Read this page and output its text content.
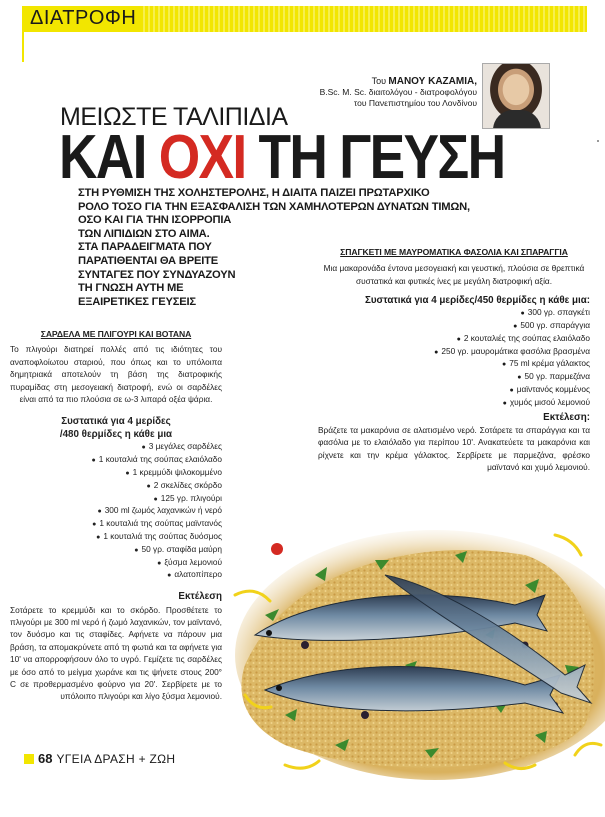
ΔΙΑΤΡΟΦΗ
Του ΜΑΝΟΥ ΚΑΖΑΜΙΑ,
B.Sc. M. Sc. διαιτολόγου - διατροφολόγου
του Πανεπιστημίου του Λονδίνου
ΜΕΙΩΣΤΕ ΤΑΛΙΠΙΔΙΑ
ΚΑΙ ΟΧΙ ΤΗ ΓΕΥΣΗ
ΣΤΗ ΡΥΘΜΙΣΗ ΤΗΣ ΧΟΛΗΣΤΕΡΟΛΗΣ, Η ΔΙΑΙΤΑ ΠΑΙΖΕΙ ΠΡΩΤΑΡΧΙΚΟ
ΡΟΛΟ ΤΟΣΟ ΓΙΑ ΤΗΝ ΕΞΑΣΦΑΛΙΣΗ ΤΩΝ ΧΑΜΗΛΟΤΕΡΩΝ ΔΥΝΑΤΩΝ ΤΙΜΩΝ,
ΟΣΟ ΚΑΙ ΓΙΑ ΤΗΝ ΙΣΟΡΡΟΠΙΑ
ΤΩΝ ΛΙΠΙΔΙΩΝ ΣΤΟ ΑΙΜΑ.
ΣΤΑ ΠΑΡΑΔΕΙΓΜΑΤΑ ΠΟΥ
ΠΑΡΑΤΙΘΕΝΤΑΙ ΘΑ ΒΡΕΙΤΕ
ΣΥΝΤΑΓΕΣ ΠΟΥ ΣΥΝΔΥΑΖΟΥΝ
ΤΗ ΓΝΩΣΗ ΑΥΤΗ ΜΕ
ΕΞΑΙΡΕΤΙΚΕΣ ΓΕΥΣΕΙΣ
ΣΑΡΔΕΛΑ ΜΕ ΠΛΙΓΟΥΡΙ ΚΑΙ ΒΟΤΑΝΑ

Το πλιγούρι διατηρεί πολλές από τις ιδιότητες του αναποφλοίωτου σταριού, που όπως και το υπόλοιπα δημητριακά αποτελούν τη βάση της διατροφικής πυραμίδας στη μεσογειακή διατροφή, ενώ οι σαρδέλες είναι από τα πιο πλούσια σε ω-3 λιπαρά οξέα ψάρια.

Συστατικά για 4 μερίδες
/480 θερμίδες η κάθε μια
● 3 μεγάλες σαρδέλες
● 1 κουταλιά της σούπας ελαιόλαδο
● 1 κρεμμύδι ψιλοκομμένο
● 2 σκελίδες σκόρδο
● 125 γρ. πλιγούρι
● 300 ml ζωμός λαχανικών ή νερό
● 1 κουταλιά της σούπας μαϊντανός
● 1 κουταλιά της σούπας δυόσμος
● 50 γρ. σταφίδα μαύρη
● ξύσμα λεμονιού
● αλατοπίπερο
Εκτέλεση

Σοτάρετε το κρεμμύδι και το σκόρδο. Προσθέτετε το πλιγούρι με 300 ml νερό ή ζωμό λαχανικών, τον μαϊντανό, τον δυόσμο και τις σταφίδες. Αφήνετε να πάρουν μια βράση, τα απομακρύνετε από τη φωτιά και τα αφήνετε για 10' να απορροφήσουν όλο το υγρό. Γεμίζετε τις σαρδέλες με όσο από το μείγμα χωράνε και τις ψήνετε στους 200° C σε προθερμασμένο φούρνο για 20'. Σερβίρετε με το υπόλοιπο πλιγούρι και λίγο ξύσμα λεμονιού.

ΣΠΑΓΚΕΤΙ ΜΕ ΜΑΥΡΟΜΑΤΙΚΑ ΦΑΣΟΛΙΑ ΚΑΙ ΣΠΑΡΑΓΓΙΑ

Μια μακαρονάδα έντονα μεσογειακή και γευστική, πλούσια σε θρεπτικά συστατικά και φυτικές ίνες με μεγάλη διατροφική αξία.

Συστατικά για 4 μερίδες/450 θερμίδες η κάθε μια:
● 300 γρ. σπαγκέτι
● 500 γρ. σπαράγγια
● 2 κουταλιές της σούπας ελαιόλαδο
● 250 γρ. μαυρομάτικα φασόλια βρασμένα
● 75 ml κρέμα γάλακτος
● 50 γρ. παρμεζάνα
● μαϊντανός κομμένος
● χυμός μισού λεμονιού
Εκτέλεση:

Βράζετε τα μακαρόνια σε αλατισμένο νερό. Σοτάρετε τα σπαράγγια και τα φασόλια με το ελαιόλαδο για περίπου 10'. Ανακατεύετε τα μακαρόνια και ρίχνετε και την κρέμα γάλακτος. Σερβίρετε με παρμεζάνα, φρέσκο μαϊντανό και χυμό λεμονιού.

68 ΥΓΕΙΑ ΔΡΑΣΗ + ΖΩΗ
